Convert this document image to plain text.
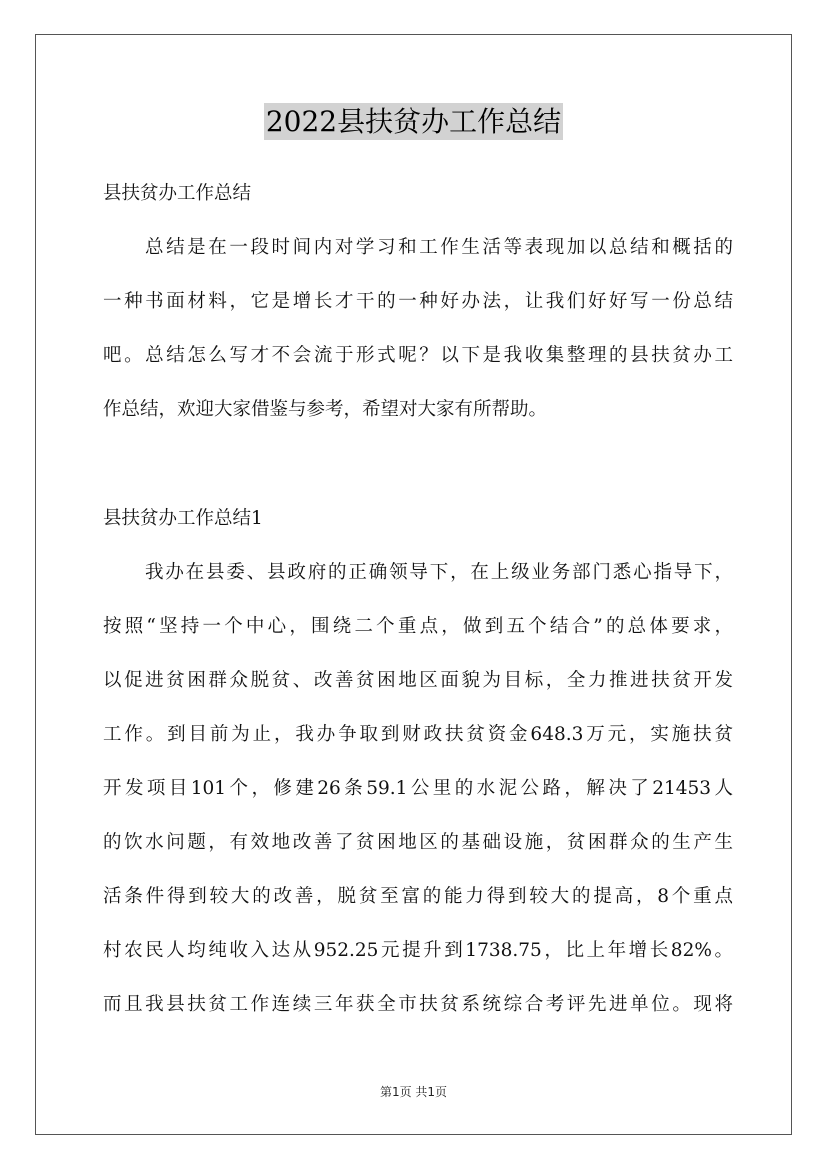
2022县扶贫办工作总结
县扶贫办工作总结
总结是在一段时间内对学习和工作生活等表现加以总结和概括的
一种书面材料，它是增长才干的一种好办法，让我们好好写一份总结
吧。总结怎么写才不会流于形式呢？以下是我收集整理的县扶贫办工
作总结，欢迎大家借鉴与参考，希望对大家有所帮助。
县扶贫办工作总结1
我办在县委、县政府的正确领导下，在上级业务部门悉心指导下，
按照“坚持一个中心，围绕二个重点，做到五个结合”的总体要求，
以促进贫困群众脱贫、改善贫困地区面貌为目标，全力推进扶贫开发
工作。到目前为止，我办争取到财政扶贫资金648.3万元，实施扶贫
开发项目101个，修建26条59.1公里的水泥公路，解决了21453人
的饮水问题，有效地改善了贫困地区的基础设施，贫困群众的生产生
活条件得到较大的改善，脱贫至富的能力得到较大的提高，8个重点
村农民人均纯收入达从952.25元提升到1738.75，比上年增长82%。
而且我县扶贫工作连续三年获全市扶贫系统综合考评先进单位。现将
第1页 共1页
